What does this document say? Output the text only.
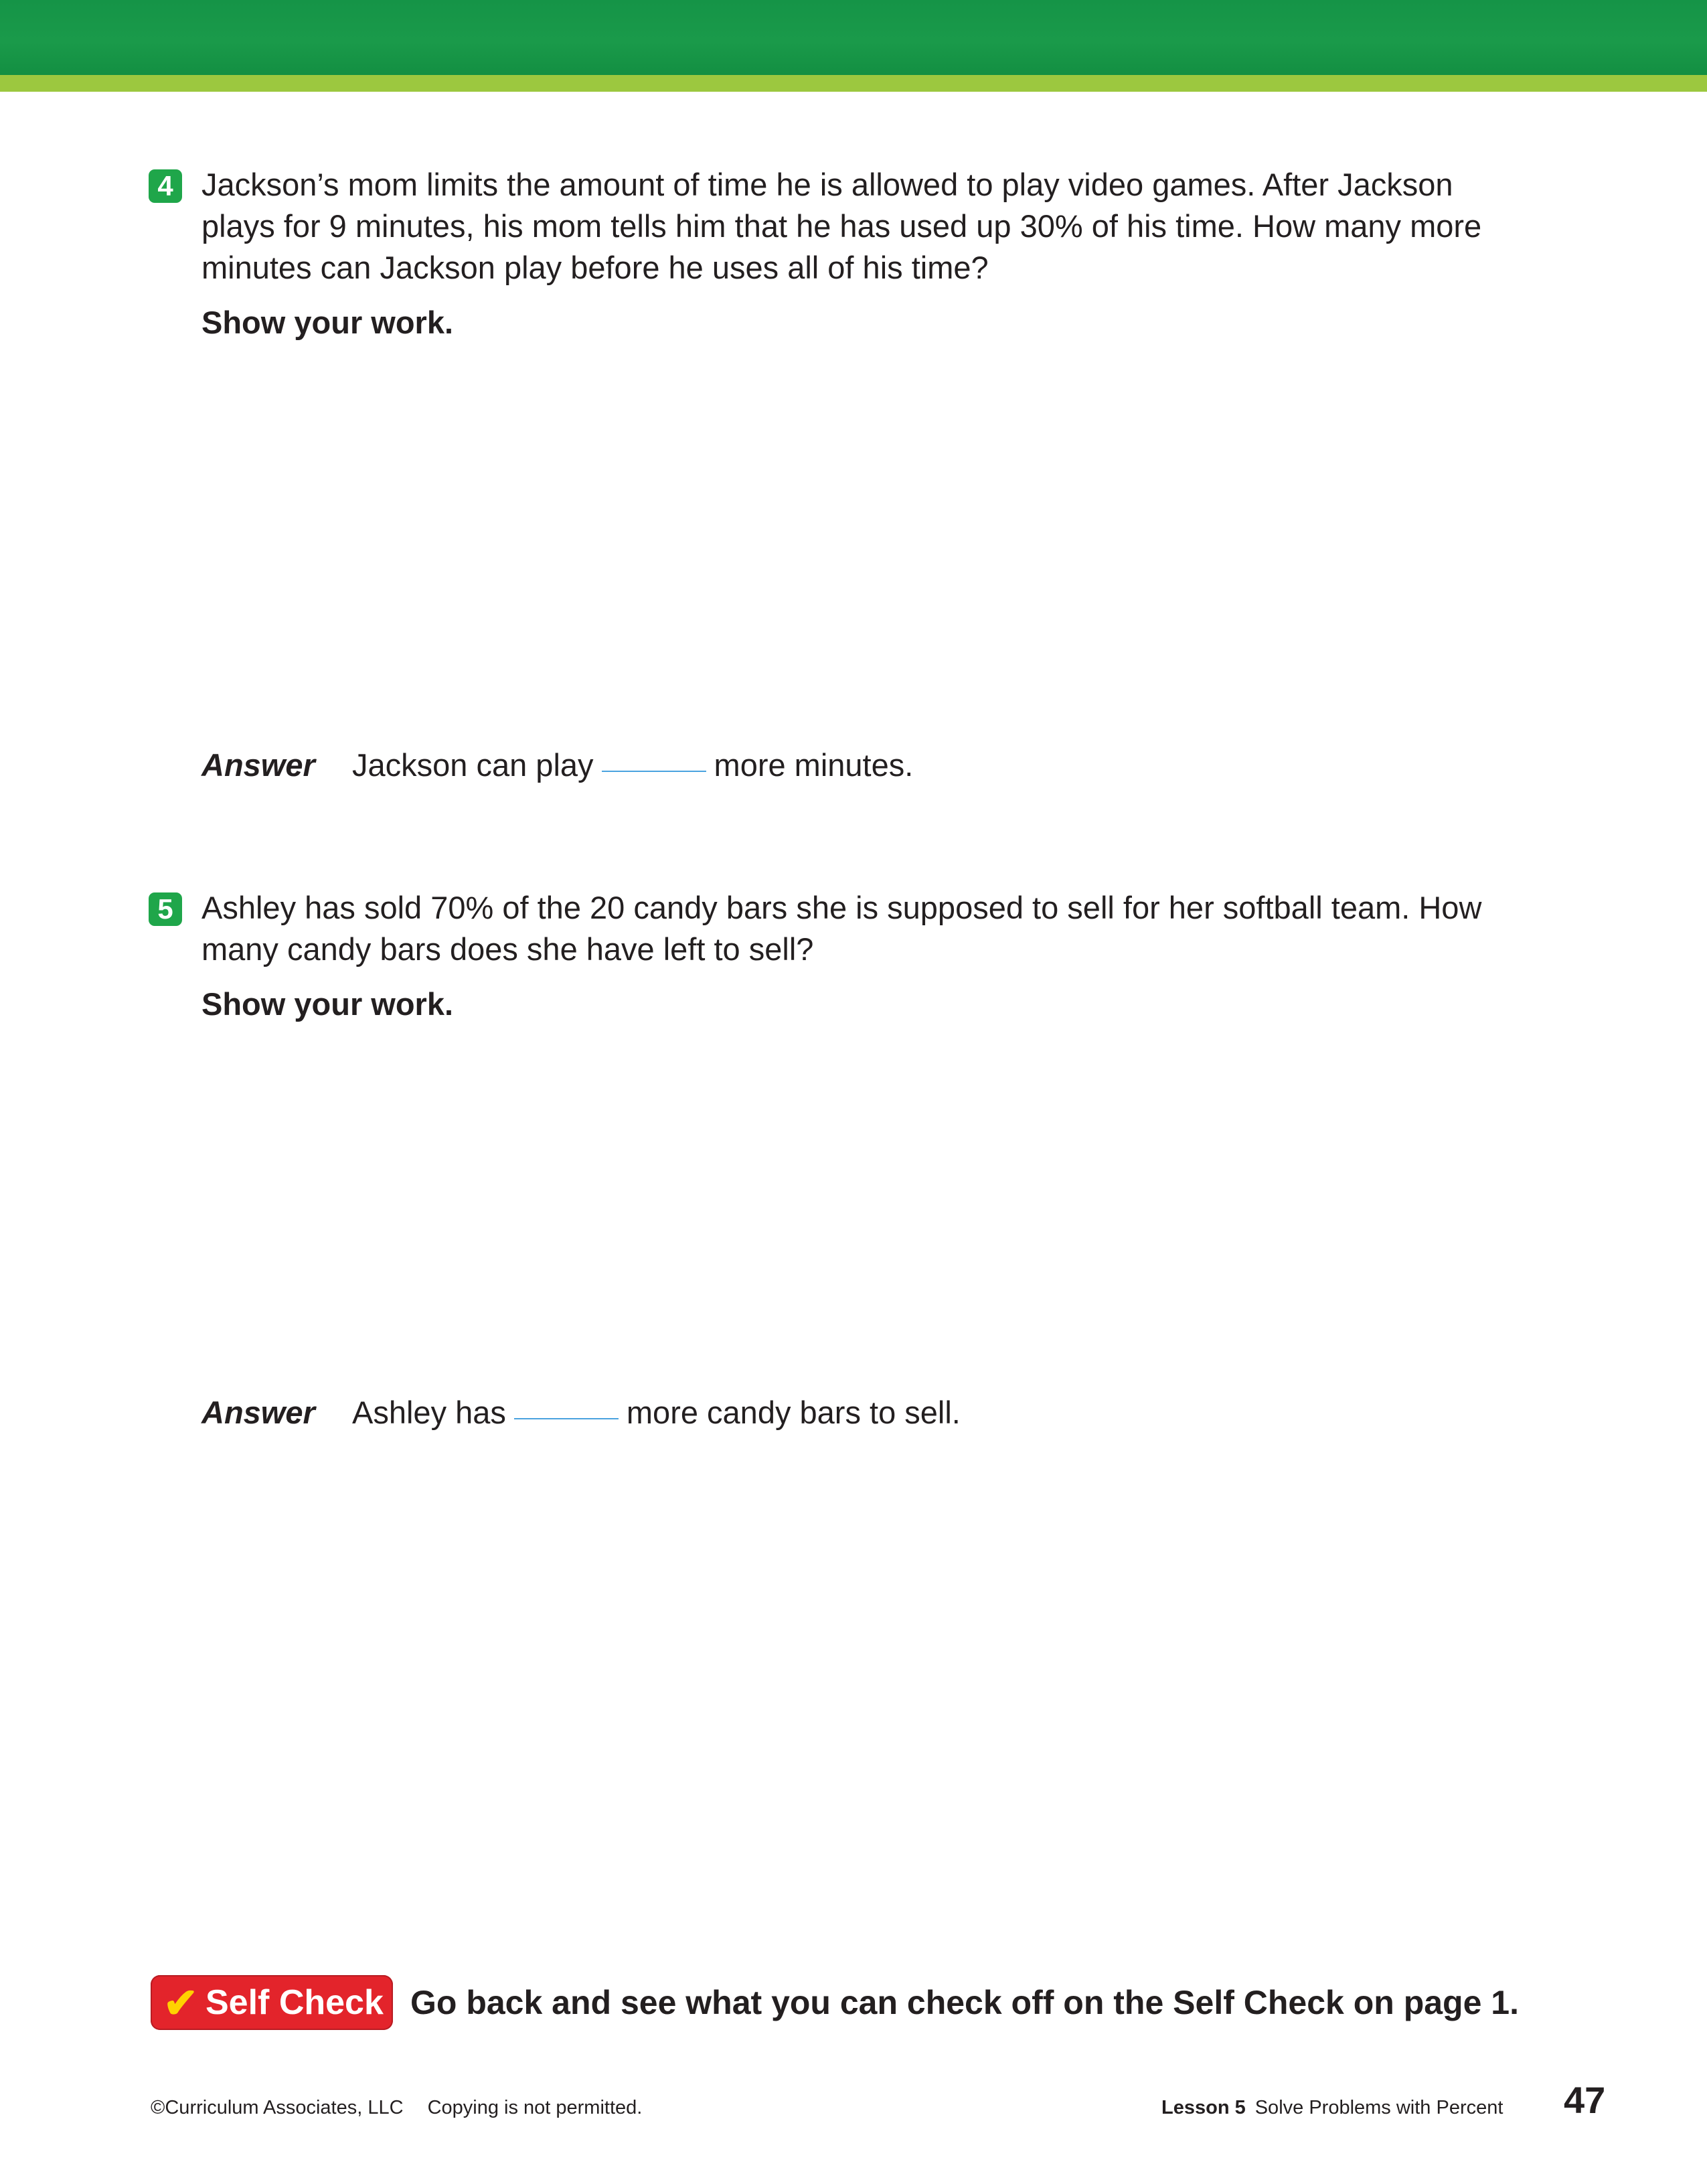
4 Jackson’s mom limits the amount of time he is allowed to play video games. After Jackson plays for 9 minutes, his mom tells him that he has used up 30% of his time. How many more minutes can Jackson play before he uses all of his time?
Show your work.
Answer Jackson can play	more minutes.
5 Ashley has sold 70% of the 20 candy bars she is supposed to sell for her softball team. How many candy bars does she have left to sell?
Show your work.
Answer Ashley has	more candy bars to sell.
✔ Self Check Go back and see what you can check off on the Self Check on page 1.
©Curriculum Associates, LLC Copying is not permitted.	Lesson 5 Solve Problems with Percent 47
